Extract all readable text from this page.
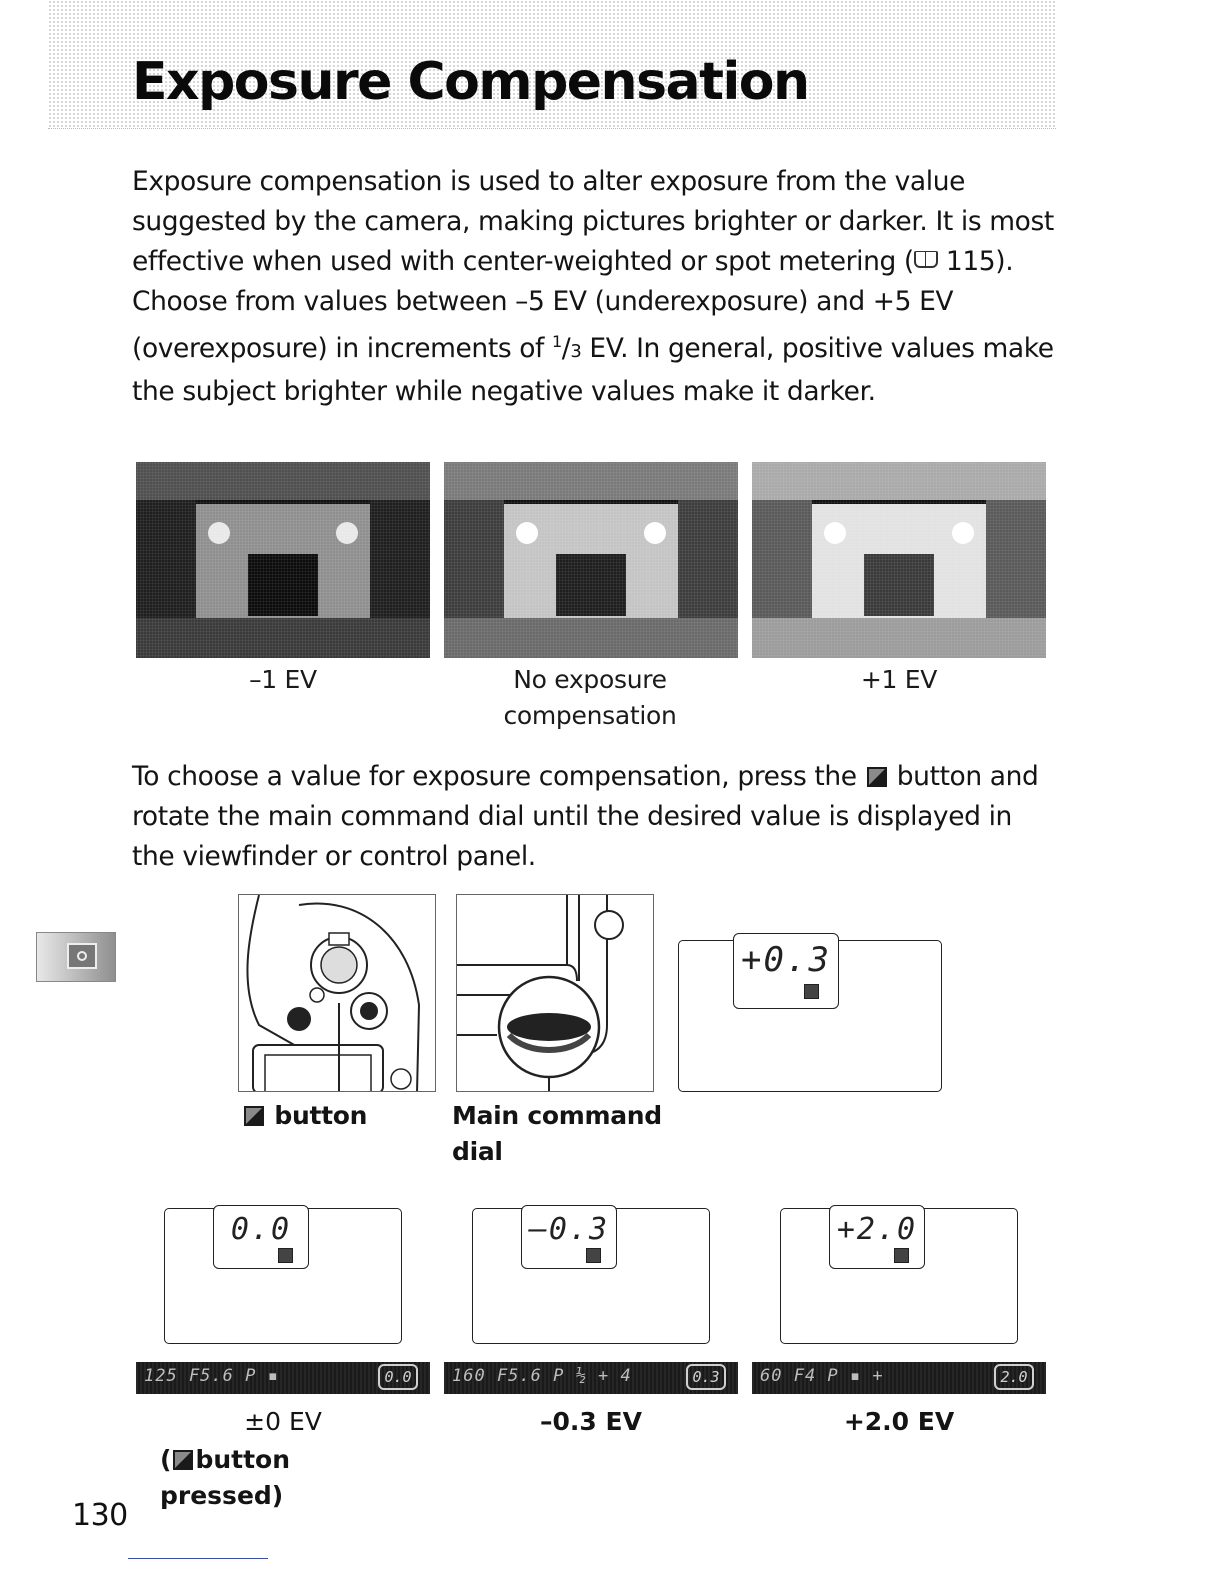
Exposure Compensation

Exposure compensation is used to alter exposure from the value suggested by the camera, making pictures brighter or darker. It is most effective when used with center-weighted or spot metering ( 115). Choose from values between –5 EV (underexposure) and +5 EV (overexposure) in increments of $^1$/3 EV. In general, positive values make the subject brighter while negative values make it darker.

–1 EV	No exposure compensation

+1 EV

To choose a value for exposure compensation, press the  button and rotate the main command dial until the desired value is displayed in the viewfinder or control panel.

+0.3

button	Main command dial

0.0	–0.3	+2.0

125 F5.6 P ▪	0.0	160 F5.6 P ½ + 4	0.3	60 F4 P ▪ +	2.0

±0 EV

( button pressed)

–0.3 EV	+2.0 EV

130
